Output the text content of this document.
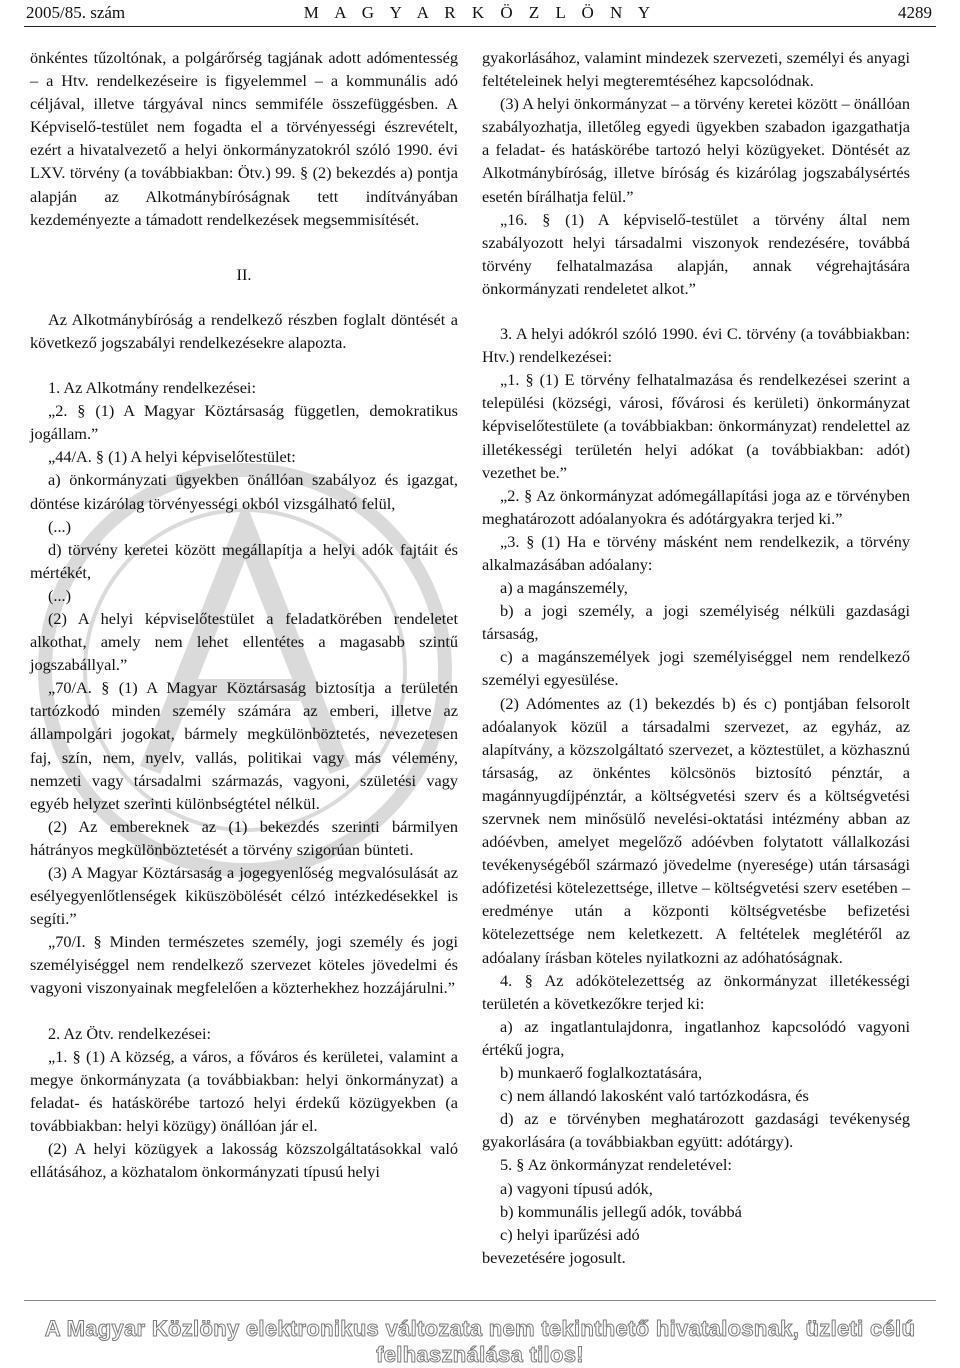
2005/85. szám	M A G Y A R K Ö Z L Ö N Y	4289

önkéntes tűzoltónak, a polgárőrség tagjának adott adómentesség – a Htv. rendelkezéseire is figyelemmel – a kommunális adó céljával, illetve tárgyával nincs semmiféle összefüggésben. A Képviselő-testület nem fogadta el a törvényességi észrevételt, ezért a hivatalvezető a helyi önkormányzatokról szóló 1990. évi LXV. törvény (a továbbiakban: Ötv.) 99. § (2) bekezdés a) pontja alapján az Alkotmánybíróságnak tett indítványában kezdeményezte a támadott rendelkezések megsemmisítését.

II.

Az Alkotmánybíróság a rendelkező részben foglalt döntését a következő jogszabályi rendelkezésekre alapozta.

1. Az Alkotmány rendelkezései:

„2. § (1) A Magyar Köztársaság független, demokratikus jogállam.”

„44/A. § (1) A helyi képviselőtestület:

a) önkormányzati ügyekben önállóan szabályoz és igazgat, döntése kizárólag törvényességi okból vizsgálható felül,

(...)

d) törvény keretei között megállapítja a helyi adók fajtáit és mértékét,

(...)

(2) A helyi képviselőtestület a feladatkörében rendeletet alkothat, amely nem lehet ellentétes a magasabb szintű jogszabállyal.”

„70/A. § (1) A Magyar Köztársaság biztosítja a területén tartózkodó minden személy számára az emberi, illetve az állampolgári jogokat, bármely megkülönböztetés, nevezetesen faj, szín, nem, nyelv, vallás, politikai vagy más vélemény, nemzeti vagy társadalmi származás, vagyoni, születési vagy egyéb helyzet szerinti különbségtétel nélkül.

(2) Az embereknek az (1) bekezdés szerinti bármilyen hátrányos megkülönböztetését a törvény szigorúan bünteti.

(3) A Magyar Köztársaság a jogegyenlőség megvalósulását az esélyegyenlőtlenségek kiküszöbölését célzó intézkedésekkel is segíti.”

„70/I. § Minden természetes személy, jogi személy és jogi személyiséggel nem rendelkező szervezet köteles jövedelmi és vagyoni viszonyainak megfelelően a közterhekhez hozzájárulni.”

2. Az Ötv. rendelkezései:

„1. § (1) A község, a város, a főváros és kerületei, valamint a megye önkormányzata (a továbbiakban: helyi önkormányzat) a feladat- és hatáskörébe tartozó helyi érdekű közügyekben (a továbbiakban: helyi közügy) önállóan jár el.

(2) A helyi közügyek a lakosság közszolgáltatásokkal való ellátásához, a közhatalom önkormányzati típusú helyi

gyakorlásához, valamint mindezek szervezeti, személyi és anyagi feltételeinek helyi megteremtéséhez kapcsolódnak.

(3) A helyi önkormányzat – a törvény keretei között – önállóan szabályozhatja, illetőleg egyedi ügyekben szabadon igazgathatja a feladat- és hatáskörébe tartozó helyi közügyeket. Döntését az Alkotmánybíróság, illetve bíróság és kizárólag jogszabálysértés esetén bírálhatja felül.”

„16. § (1) A képviselő-testület a törvény által nem szabályozott helyi társadalmi viszonyok rendezésére, továbbá törvény felhatalmazása alapján, annak végrehajtására önkormányzati rendeletet alkot.”

3. A helyi adókról szóló 1990. évi C. törvény (a továbbiakban: Htv.) rendelkezései:

„1. § (1) E törvény felhatalmazása és rendelkezései szerint a települési (községi, városi, fővárosi és kerületi) önkormányzat képviselőtestülete (a továbbiakban: önkormányzat) rendelettel az illetékességi területén helyi adókat (a továbbiakban: adót) vezethet be.”

„2. § Az önkormányzat adómegállapítási joga az e törvényben meghatározott adóalanyokra és adótárgyakra terjed ki.”

„3. § (1) Ha e törvény másként nem rendelkezik, a törvény alkalmazásában adóalany:

a) a magánszemély,

b) a jogi személy, a jogi személyiség nélküli gazdasági társaság,

c) a magánszemélyek jogi személyiséggel nem rendelkező személyi egyesülése.

(2) Adómentes az (1) bekezdés b) és c) pontjában felsorolt adóalanyok közül a társadalmi szervezet, az egyház, az alapítvány, a közszolgáltató szervezet, a köztestület, a közhasznú társaság, az önkéntes kölcsönös biztosító pénztár, a magánnyugdíjpénztár, a költségvetési szerv és a költségvetési szervnek nem minősülő nevelési-oktatási intézmény abban az adóévben, amelyet megelőző adóévben folytatott vállalkozási tevékenységéből származó jövedelme (nyeresége) után társasági adófizetési kötelezettsége, illetve – költségvetési szerv esetében – eredménye után a központi költségvetésbe befizetési kötelezettsége nem keletkezett. A feltételek meglétéről az adóalany írásban köteles nyilatkozni az adóhatóságnak.

4. § Az adókötelezettség az önkormányzat illetékességi területén a következőkre terjed ki:

a) az ingatlantulajdonra, ingatlanhoz kapcsolódó vagyoni értékű jogra,

b) munkaerő foglalkoztatására,

c) nem állandó lakosként való tartózkodásra, és

d) az e törvényben meghatározott gazdasági tevékenység gyakorlására (a továbbiakban együtt: adótárgy).

5. § Az önkormányzat rendeletével:

a) vagyoni típusú adók,

b) kommunális jellegű adók, továbbá

c) helyi iparűzési adó

bevezetésére jogosult.

A Magyar Közlöny elektronikus változata nem tekinthető hivatalosnak, üzleti célú felhasználása tilos!
